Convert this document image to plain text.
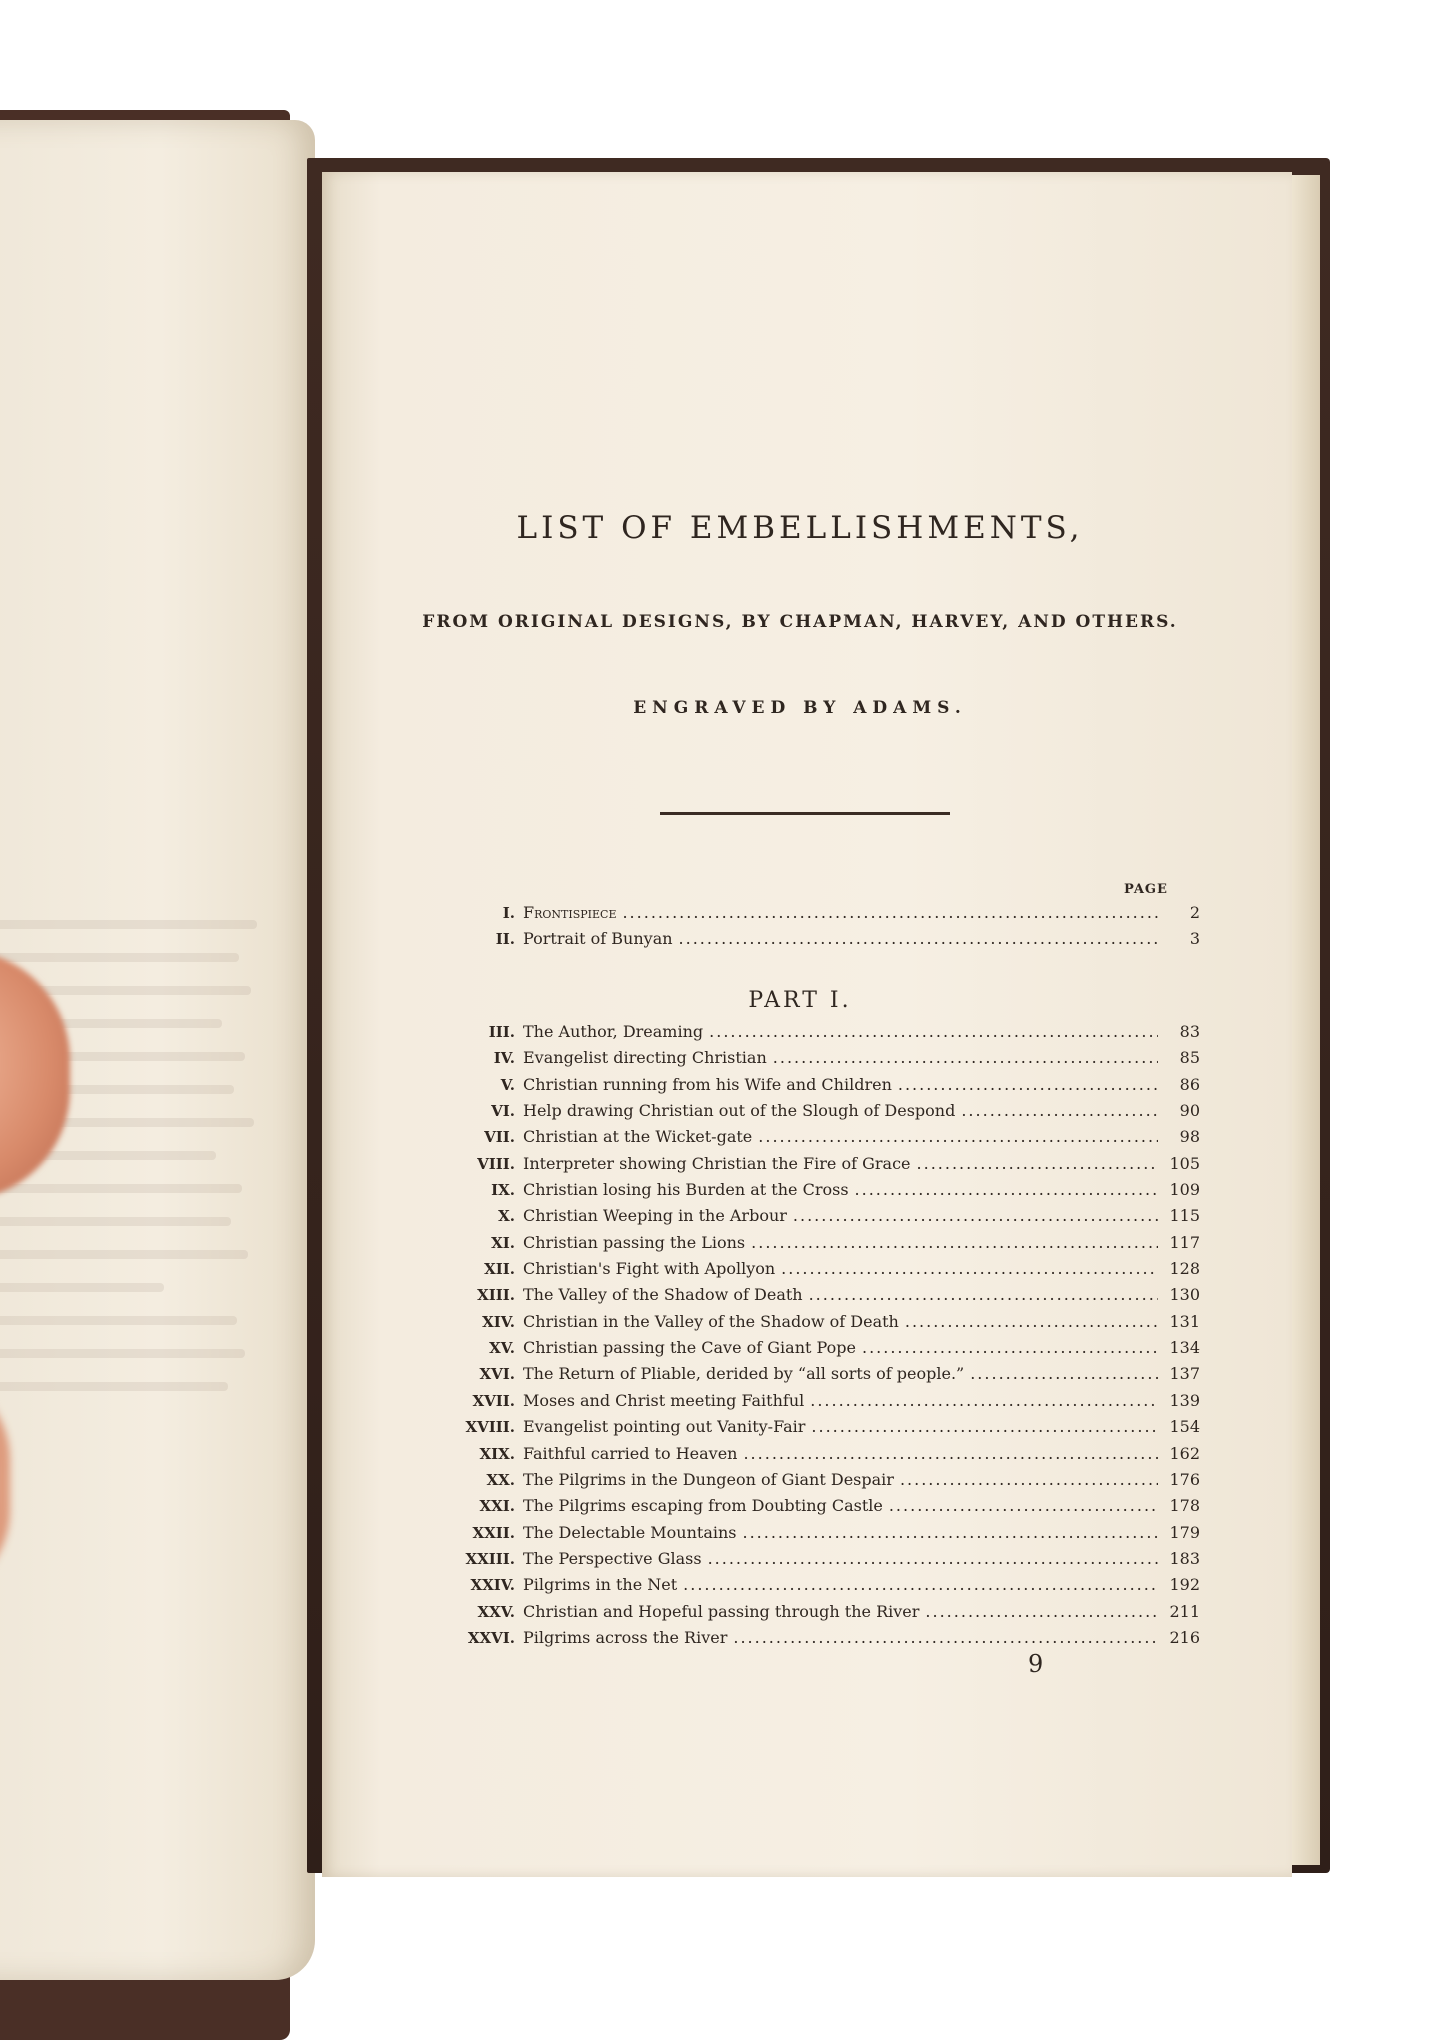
LIST OF EMBELLISHMENTS,
FROM ORIGINAL DESIGNS, BY CHAPMAN, HARVEY, AND OTHERS.
ENGRAVED BY ADAMS.
PAGE
I. Frontispiece .....	2
II. Portrait of Bunyan .....	3
PART I.
III. The Author, Dreaming .....	83
IV. Evangelist directing Christian .....	85
V. Christian running from his Wife and Children .....	86
VI. Help drawing Christian out of the Slough of Despond .....	90
VII. Christian at the Wicket-gate .....	98
VIII. Interpreter showing Christian the Fire of Grace .....	105
IX. Christian losing his Burden at the Cross .....	109
X. Christian Weeping in the Arbour .....	115
XI. Christian passing the Lions .....	117
XII. Christian's Fight with Apollyon .....	128
XIII. The Valley of the Shadow of Death .....	130
XIV. Christian in the Valley of the Shadow of Death .....	131
XV. Christian passing the Cave of Giant Pope .....	134
XVI. The Return of Pliable, derided by “all sorts of people.” .....	137
XVII. Moses and Christ meeting Faithful .....	139
XVIII. Evangelist pointing out Vanity-Fair .....	154
XIX. Faithful carried to Heaven .....	162
XX. The Pilgrims in the Dungeon of Giant Despair .....	176
XXI. The Pilgrims escaping from Doubting Castle .....	178
XXII. The Delectable Mountains .....	179
XXIII. The Perspective Glass .....	183
XXIV. Pilgrims in the Net .....	192
XXV. Christian and Hopeful passing through the River .....	211
XXVI. Pilgrims across the River .....	216
9
